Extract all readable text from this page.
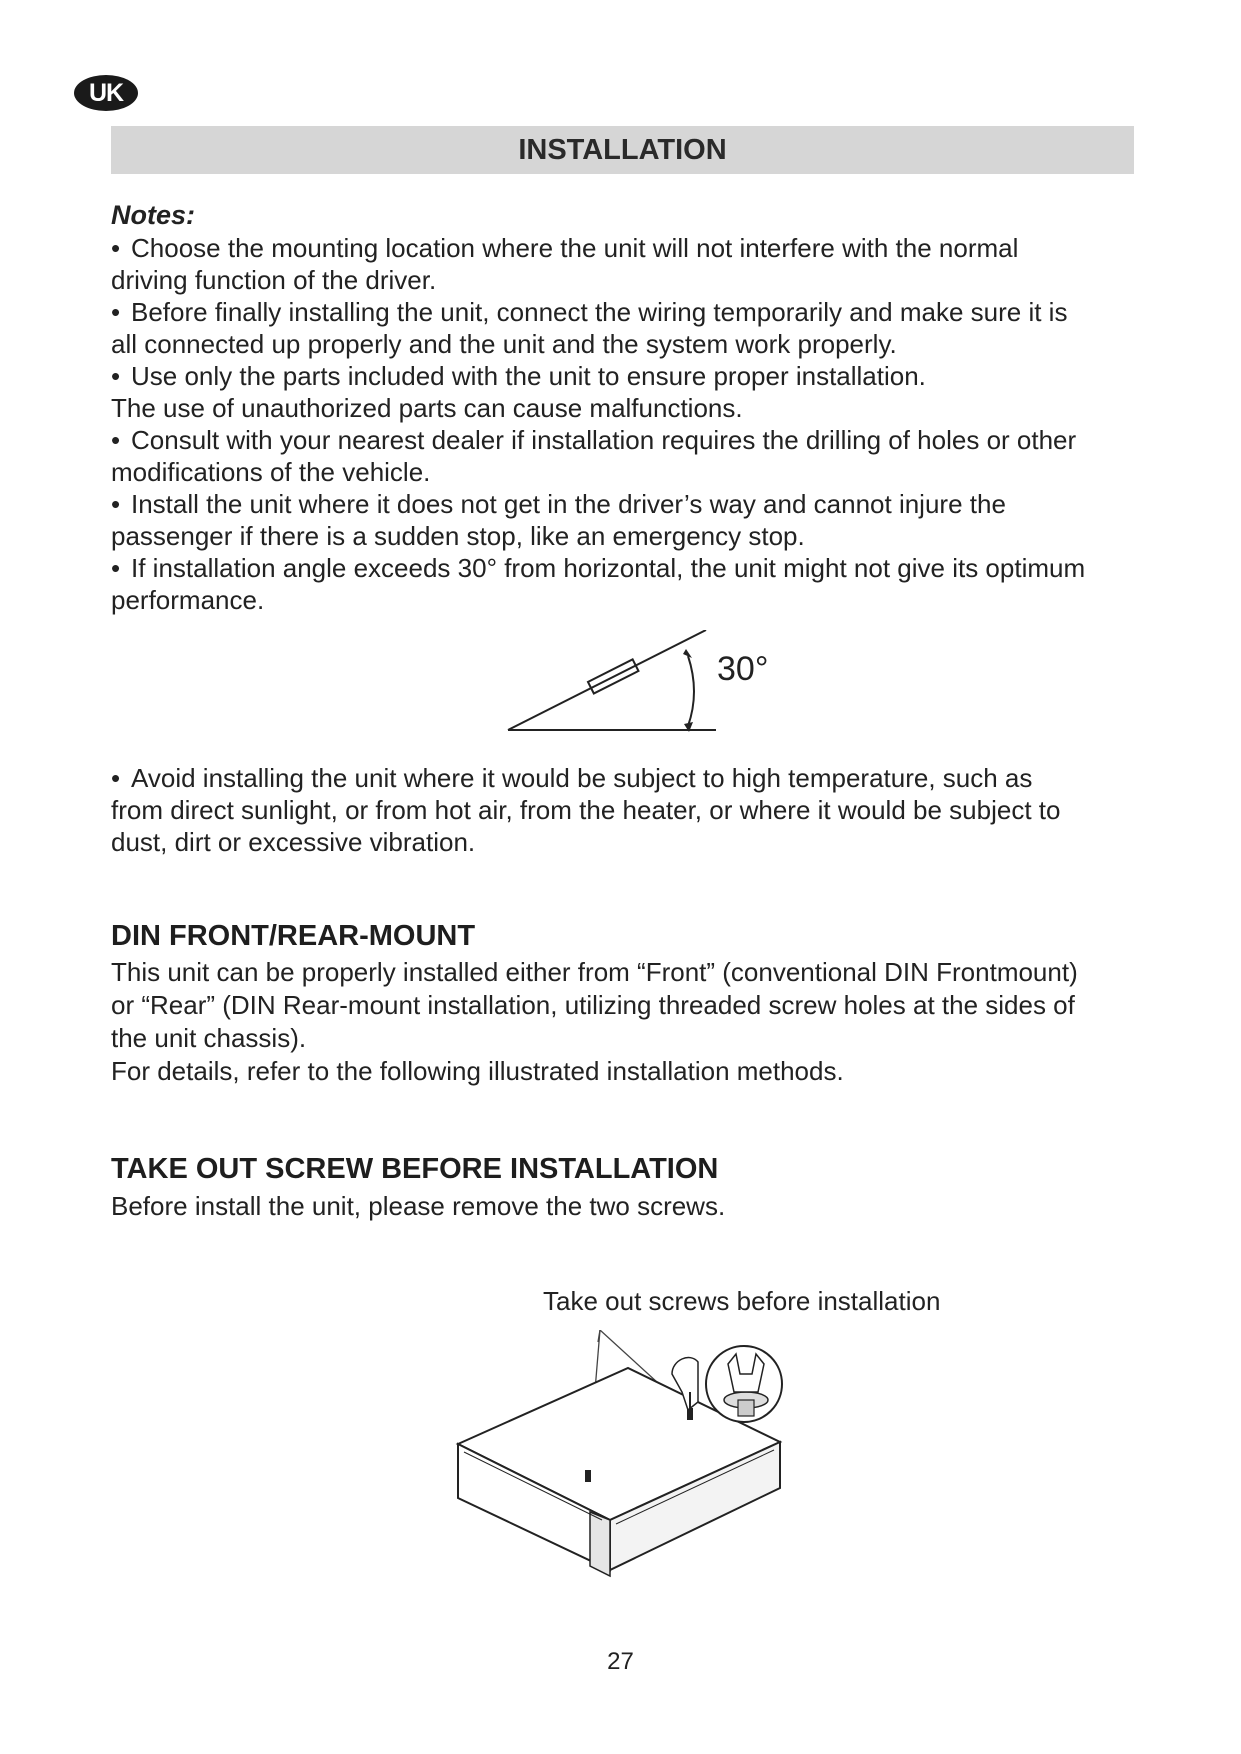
UK
INSTALLATION
Notes:
• Choose the mounting location where the unit will not interfere with the normal
driving function of the driver.
• Before finally installing the unit, connect the wiring temporarily and make sure it is
all connected up properly and the unit and the system work properly.
• Use only the parts included with the unit to ensure proper installation.
The use of unauthorized parts can cause malfunctions.
• Consult with your nearest dealer if installation requires the drilling of holes or other
modifications of the vehicle.
• Install the unit where it does not get in the driver’s way and cannot injure the
passenger if there is a sudden stop, like an emergency stop.
• If installation angle exceeds 30° from horizontal, the unit might not give its optimum
performance.
30°
• Avoid installing the unit where it would be subject to high temperature, such as
from direct sunlight, or from hot air, from the heater, or where it would be subject to
dust, dirt or excessive vibration.
DIN FRONT/REAR-MOUNT

This unit can be properly installed either from “Front” (conventional DIN Frontmount)

or “Rear” (DIN Rear-mount installation, utilizing threaded screw holes at the sides of

the unit chassis).

For details, refer to the following illustrated installation methods.

TAKE OUT SCREW BEFORE INSTALLATION
Before install the unit, please remove the two screws.
Take out screws before installation
27
